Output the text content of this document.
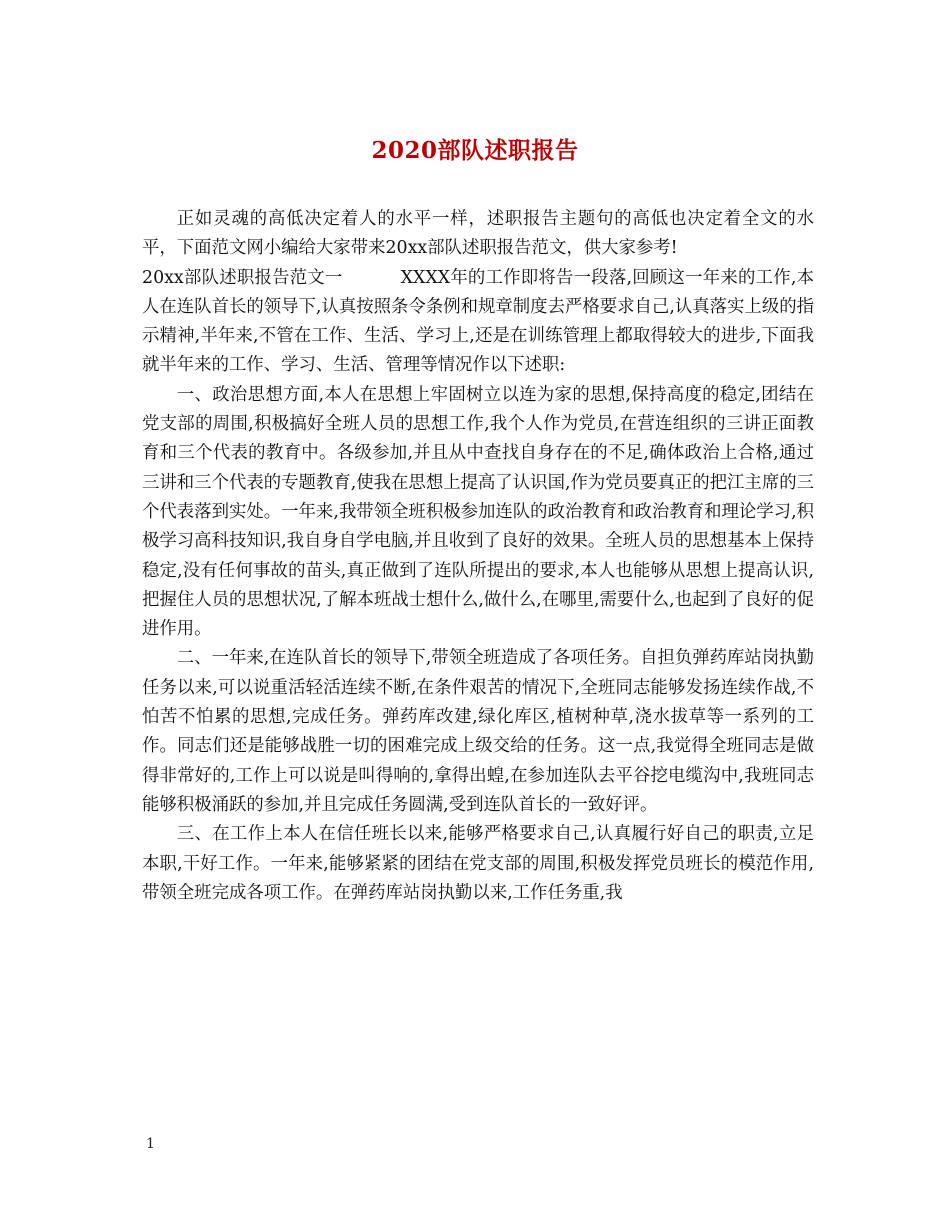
2020部队述职报告

正如灵魂的高低决定着人的水平一样，述职报告主题句的高低也决定着全文的水平，下面范文网小编给大家带来20xx部队述职报告范文，供大家参考!

20xx部队述职报告范文一	XXXX年的工作即将告一段落,回顾这一年来的工作,本人在连队首长的领导下,认真按照条令条例和规章制度去严格要求自己,认真落实上级的指示精神,半年来,不管在工作、生活、学习上,还是在训练管理上都取得较大的进步,下面我就半年来的工作、学习、生活、管理等情况作以下述职:

一、政治思想方面,本人在思想上牢固树立以连为家的思想,保持高度的稳定,团结在党支部的周围,积极搞好全班人员的思想工作,我个人作为党员,在营连组织的三讲正面教育和三个代表的教育中。各级参加,并且从中查找自身存在的不足,确体政治上合格,通过三讲和三个代表的专题教育,使我在思想上提高了认识国,作为党员要真正的把江主席的三个代表落到实处。一年来,我带领全班积极参加连队的政治教育和政治教育和理论学习,积极学习高科技知识,我自身自学电脑,并且收到了良好的效果。全班人员的思想基本上保持稳定,没有任何事故的苗头,真正做到了连队所提出的要求,本人也能够从思想上提高认识,把握住人员的思想状况,了解本班战士想什么,做什么,在哪里,需要什么,也起到了良好的促进作用。

二、一年来,在连队首长的领导下,带领全班造成了各项任务。自担负弹药库站岗执勤任务以来,可以说重活轻活连续不断,在条件艰苦的情况下,全班同志能够发扬连续作战,不怕苦不怕累的思想,完成任务。弹药库改建,绿化库区,植树种草,浇水拔草等一系列的工作。同志们还是能够战胜一切的困难完成上级交给的任务。这一点,我觉得全班同志是做得非常好的,工作上可以说是叫得响的,拿得出蝗,在参加连队去平谷挖电缆沟中,我班同志能够积极涌跃的参加,并且完成任务圆满,受到连队首长的一致好评。

三、在工作上本人在信任班长以来,能够严格要求自己,认真履行好自己的职责,立足本职,干好工作。一年来,能够紧紧的团结在党支部的周围,积极发挥党员班长的模范作用,带领全班完成各项工作。在弹药库站岗执勤以来,工作任务重,我

1
